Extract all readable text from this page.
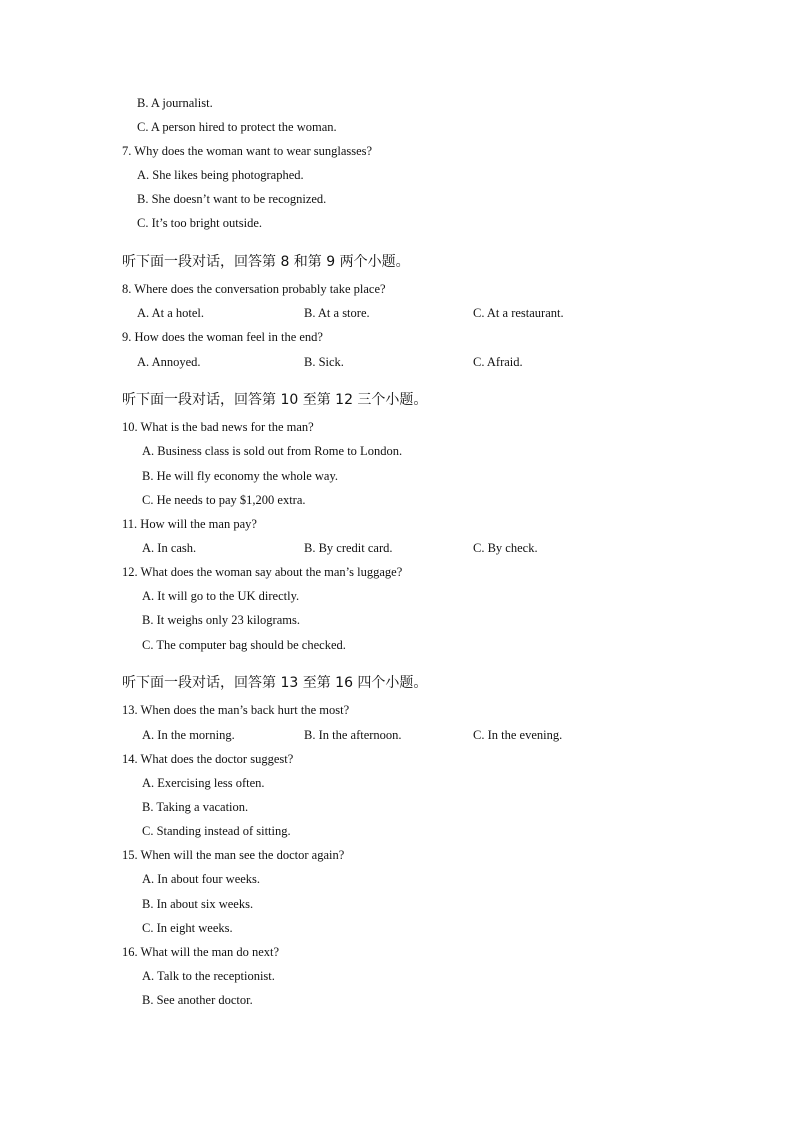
B. A journalist.
C. A person hired to protect the woman.
7. Why does the woman want to wear sunglasses?
A. She likes being photographed.
B. She doesn’t want to be recognized.
C. It’s too bright outside.
听下面一段对话，回答第 8 和第 9 两个小题。
8. Where does the conversation probably take place?
A. At a hotel.	B. At a store.	C. At a restaurant.
9. How does the woman feel in the end?
A. Annoyed.	B. Sick.	C. Afraid.
听下面一段对话，回答第 10 至第 12 三个小题。
10. What is the bad news for the man?
A. Business class is sold out from Rome to London.
B. He will fly economy the whole way.
C. He needs to pay $1,200 extra.
11. How will the man pay?
A. In cash.	B. By credit card.	C. By check.
12. What does the woman say about the man’s luggage?
A. It will go to the UK directly.
B. It weighs only 23 kilograms.
C. The computer bag should be checked.
听下面一段对话，回答第 13 至第 16 四个小题。
13. When does the man’s back hurt the most?
A. In the morning.	B. In the afternoon.	C. In the evening.
14. What does the doctor suggest?
A. Exercising less often.
B. Taking a vacation.
C. Standing instead of sitting.
15. When will the man see the doctor again?
A. In about four weeks.
B. In about six weeks.
C. In eight weeks.
16. What will the man do next?
A. Talk to the receptionist.
B. See another doctor.
